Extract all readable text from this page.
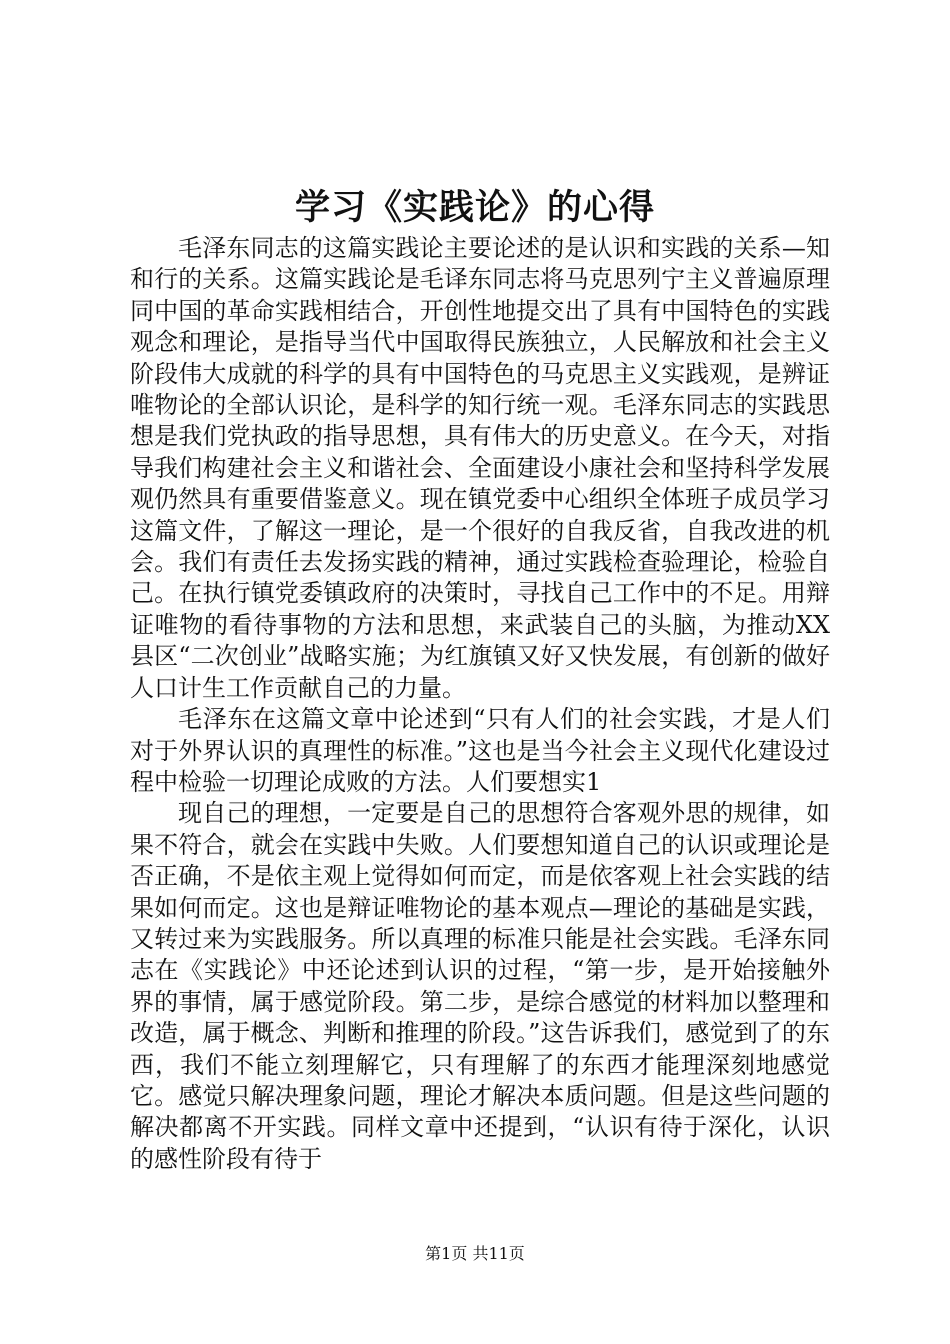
学习《实践论》的心得

毛泽东同志的这篇实践论主要论述的是认识和实践的关系—知和行的关系。这篇实践论是毛译东同志将马克思列宁主义普遍原理同中国的革命实践相结合，开创性地提交出了具有中国特色的实践观念和理论，是指导当代中国取得民族独立，人民解放和社会主义阶段伟大成就的科学的具有中国特色的马克思主义实践观，是辨证唯物论的全部认识论，是科学的知行统一观。毛泽东同志的实践思想是我们党执政的指导思想，具有伟大的历史意义。在今天，对指导我们构建社会主义和谐社会、全面建设小康社会和坚持科学发展观仍然具有重要借鉴意义。现在镇党委中心组织全体班子成员学习这篇文件，了解这一理论，是一个很好的自我反省，自我改进的机会。我们有责任去发扬实践的精神，通过实践检查验理论，检验自己。在执行镇党委镇政府的决策时，寻找自己工作中的不足。用辩证唯物的看待事物的方法和思想，来武装自己的头脑，为推动XX县区“二次创业”战略实施；为红旗镇又好又快发展，有创新的做好人口计生工作贡献自己的力量。

毛泽东在这篇文章中论述到“只有人们的社会实践，才是人们对于外界认识的真理性的标准。”这也是当今社会主义现代化建设过程中检验一切理论成败的方法。人们要想实1

现自己的理想，一定要是自己的思想符合客观外思的规律，如果不符合，就会在实践中失败。人们要想知道自己的认识或理论是否正确，不是依主观上觉得如何而定，而是依客观上社会实践的结果如何而定。这也是辩证唯物论的基本观点—理论的基础是实践，又转过来为实践服务。所以真理的标准只能是社会实践。毛泽东同志在《实践论》中还论述到认识的过程，“第一步，是开始接触外界的事情，属于感觉阶段。第二步，是综合感觉的材料加以整理和改造，属于概念、判断和推理的阶段。”这告诉我们，感觉到了的东西，我们不能立刻理解它，只有理解了的东西才能理深刻地感觉它。感觉只解决理象问题，理论才解决本质问题。但是这些问题的解决都离不开实践。同样文章中还提到，“认识有待于深化，认识的感性阶段有待于

第1页 共11页
